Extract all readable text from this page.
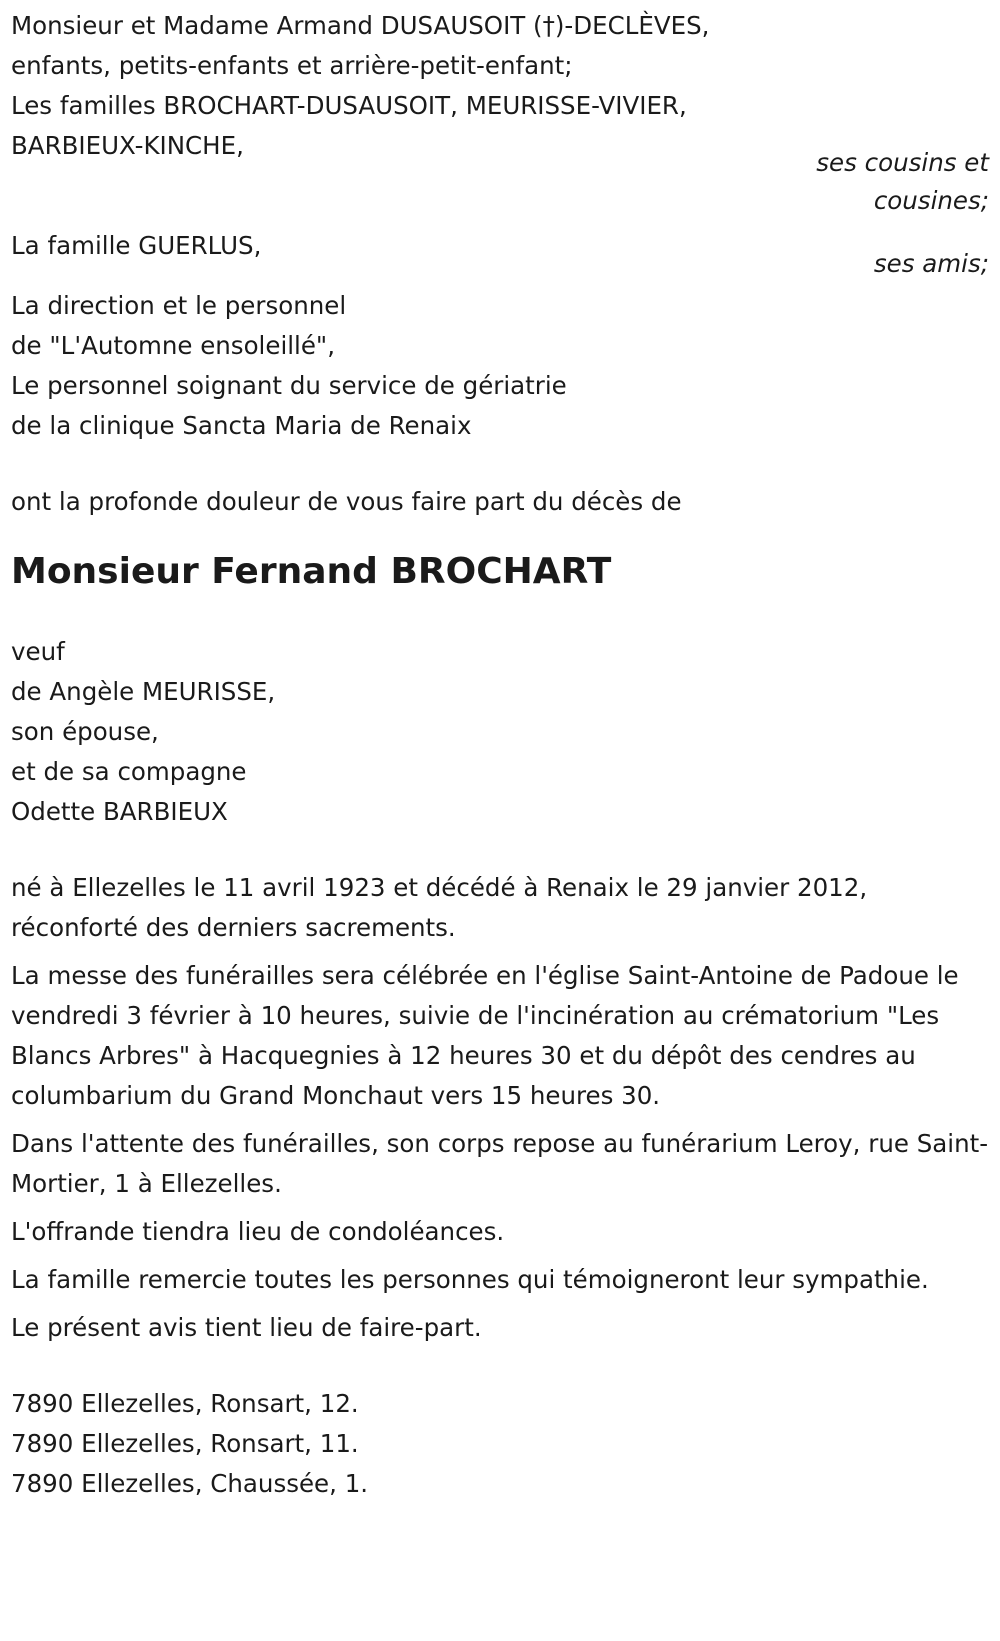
Monsieur et Madame Armand DUSAUSOIT (†)-DECLÈVES,
enfants, petits-enfants et arrière-petit-enfant;
Les familles BROCHART-DUSAUSOIT, MEURISSE-VIVIER,
BARBIEUX-KINCHE,
ses cousins et
cousines;
La famille GUERLUS,
ses amis;
La direction et le personnel
de "L'Automne ensoleillé",
Le personnel soignant du service de gériatrie
de la clinique Sancta Maria de Renaix
ont la profonde douleur de vous faire part du décès de
Monsieur Fernand BROCHART
veuf
de Angèle MEURISSE,
son épouse,
et de sa compagne
Odette BARBIEUX
né à Ellezelles le 11 avril 1923 et décédé à Renaix le 29 janvier 2012,
réconforté des derniers sacrements.

La messe des funérailles sera célébrée en l'église Saint-Antoine de Padoue le vendredi 3 février à 10 heures, suivie de l'incinération au crématorium "Les Blancs Arbres" à Hacquegnies à 12 heures 30 et du dépôt des cendres au columbarium du Grand Monchaut vers 15 heures 30.

Dans l'attente des funérailles, son corps repose au funérarium Leroy, rue Saint-Mortier, 1 à Ellezelles.

L'offrande tiendra lieu de condoléances.

La famille remercie toutes les personnes qui témoigneront leur sympathie.

Le présent avis tient lieu de faire-part.

7890 Ellezelles, Ronsart, 12.
7890 Ellezelles, Ronsart, 11.
7890 Ellezelles, Chaussée, 1.
